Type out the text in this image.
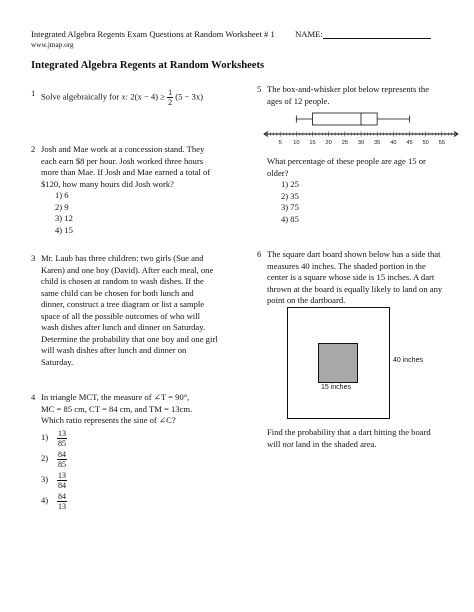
Integrated Algebra Regents Exam Questions at Random Worksheet # 1 NAME:
www.jmap.org
Integrated Algebra Regents at Random Worksheets
1 Solve algebraically for x: $2(x - 4) \ge \frac{1}{2} (5 - 3x)$
2 Josh and Mae work at a concession stand. They
each earn $8 per hour. Josh worked three hours
more than Mae. If Josh and Mae earned a total of
$120, how many hours did Josh work?
1) 6
2) 9
3) 12
4) 15
3 Mr. Laub has three children: two girls (Sue and
Karen) and one boy (David). After each meal, one
child is chosen at random to wash dishes. If the
same child can be chosen for both lunch and
dinner, construct a tree diagram or list a sample
space of all the possible outcomes of who will
wash dishes after lunch and dinner on Saturday.
Determine the probability that one boy and one girl
will wash dishes after lunch and dinner on
Saturday.
4 In triangle MCT, the measure of ∠T = 90°,
MC = 85 cm, CT = 84 cm, and TM = 13cm.
Which ratio represents the sine of ∠C?
1)	$\frac{13}{85}$
2)	$\frac{84}{85}$
3)	$\frac{13}{84}$
4)	$\frac{84}{13}$
5 The box-and-whisker plot below represents the
ages of 12 people.
5 10 15 20 25 30 35 40 45 50 55
What percentage of these people are age 15 or
older?
1) 25
2) 35
3) 75
4) 85
6 The square dart board shown below has a side that
measures 40 inches. The shaded portion in the
center is a square whose side is 15 inches. A dart
thrown at the board is equally likely to land on any
point on the dartboard.
15 inches
40 inches
Find the probability that a dart hitting the board
will not land in the shaded area.
